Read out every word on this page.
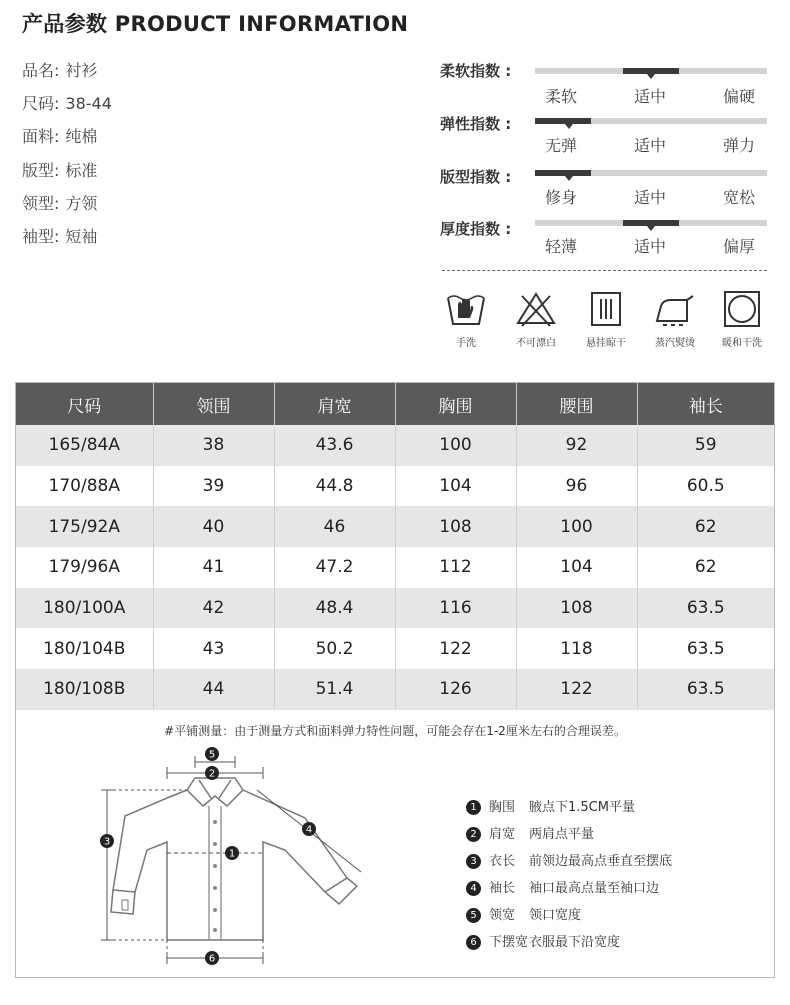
产品参数 PRODUCT INFORMATION
品名: 衬衫
尺码: 38-44
面料: 纯棉
版型: 标准
领型: 方领
袖型: 短袖
柔软指数 :
柔软	适中	偏硬
弹性指数 :
无弹	适中	弹力
版型指数 :
修身	适中	宽松
厚度指数 :
轻薄	适中	偏厚
手洗	不可漂白	悬挂晾干	蒸汽熨烫	暖和干洗
尺码	领围	肩宽	胸围	腰围	袖长
165/84A	38	43.6	100	92	59
170/88A	39	44.8	104	96	60.5
175/92A	40	46	108	100	62
179/96A	41	47.2	112	104	62
180/100A	42	48.4	116	108	63.5
180/104B	43	50.2	122	118	63.5
180/108B	44	51.4	126	122	63.5
#平铺测量：由于测量方式和面料弹力特性问题，可能会存在1-2厘米左右的合理误差。
5
2
1
3
4
6
1 胸围 腋点下1.5CM平量
2 肩宽 两肩点平量
3 衣长 前领边最高点垂直至摆底
4 袖长 袖口最高点量至袖口边
5 领宽 领口宽度
6 下摆宽衣服最下沿宽度
